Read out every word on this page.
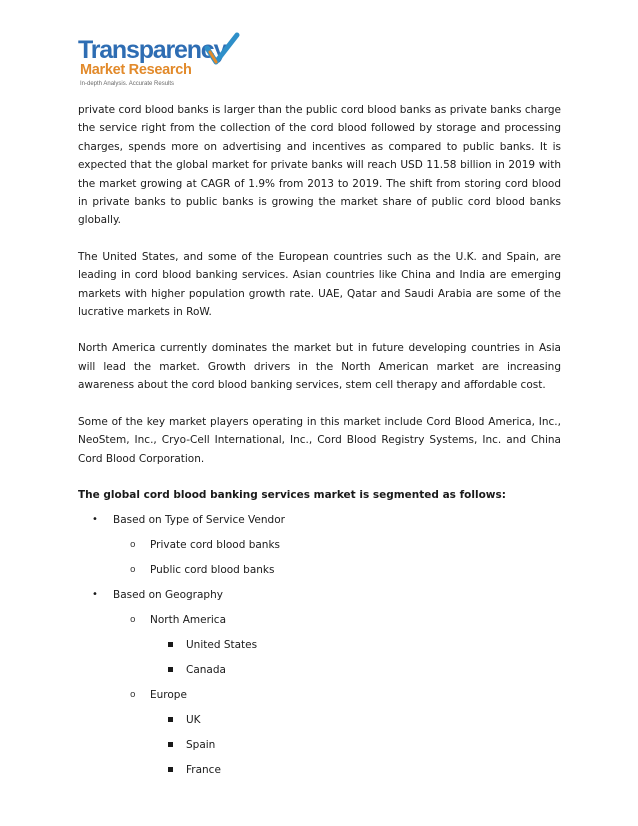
Transparency
Market Research
In-depth Analysis. Accurate Results

private cord blood banks is larger than the public cord blood banks as private banks charge the service right from the collection of the cord blood followed by storage and processing charges, spends more on advertising and incentives as compared to public banks. It is expected that the global market for private banks will reach USD 11.58 billion in 2019 with the market growing at CAGR of 1.9% from 2013 to 2019. The shift from storing cord blood in private banks to public banks is growing the market share of public cord blood banks globally.

The United States, and some of the European countries such as the U.K. and Spain, are leading in cord blood banking services. Asian countries like China and India are emerging markets with higher population growth rate. UAE, Qatar and Saudi Arabia are some of the lucrative markets in RoW.

North America currently dominates the market but in future developing countries in Asia will lead the market. Growth drivers in the North American market are increasing awareness about the cord blood banking services, stem cell therapy and affordable cost.

Some of the key market players operating in this market include Cord Blood America, Inc., NeoStem, Inc., Cryo-Cell International, Inc., Cord Blood Registry Systems, Inc. and China Cord Blood Corporation.

The global cord blood banking services market is segmented as follows:
• Based on Type of Service Vendor
o Private cord blood banks
o Public cord blood banks
• Based on Geography
o North America
United States
Canada
o Europe
UK
Spain
France
